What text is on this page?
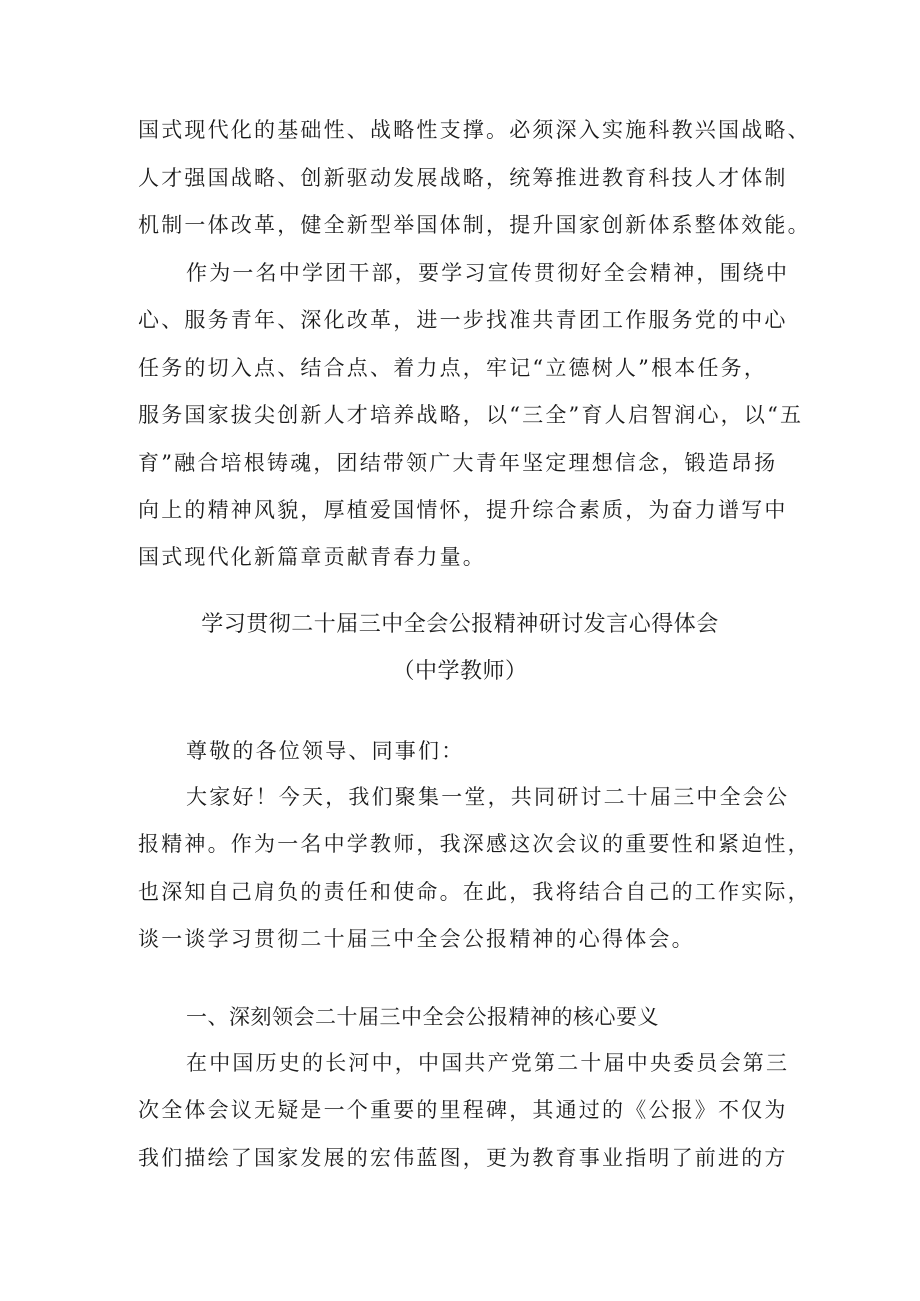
国式现代化的基础性、战略性支撑。必须深入实施科教兴国战略、
人才强国战略、创新驱动发展战略，统筹推进教育科技人才体制
机制一体改革，健全新型举国体制，提升国家创新体系整体效能。
作为一名中学团干部，要学习宣传贯彻好全会精神，围绕中
心、服务青年、深化改革，进一步找准共青团工作服务党的中心
任务的切入点、结合点、着力点，牢记“立德树人”根本任务，
服务国家拔尖创新人才培养战略，以“三全”育人启智润心，以“五
育”融合培根铸魂，团结带领广大青年坚定理想信念，锻造昂扬
向上的精神风貌，厚植爱国情怀，提升综合素质，为奋力谱写中
国式现代化新篇章贡献青春力量。
学习贯彻二十届三中全会公报精神研讨发言心得体会
（中学教师）
尊敬的各位领导、同事们：
大家好！今天，我们聚集一堂，共同研讨二十届三中全会公
报精神。作为一名中学教师，我深感这次会议的重要性和紧迫性，
也深知自己肩负的责任和使命。在此，我将结合自己的工作实际，
谈一谈学习贯彻二十届三中全会公报精神的心得体会。
一、深刻领会二十届三中全会公报精神的核心要义
在中国历史的长河中，中国共产党第二十届中央委员会第三
次全体会议无疑是一个重要的里程碑，其通过的《公报》不仅为
我们描绘了国家发展的宏伟蓝图，更为教育事业指明了前进的方
